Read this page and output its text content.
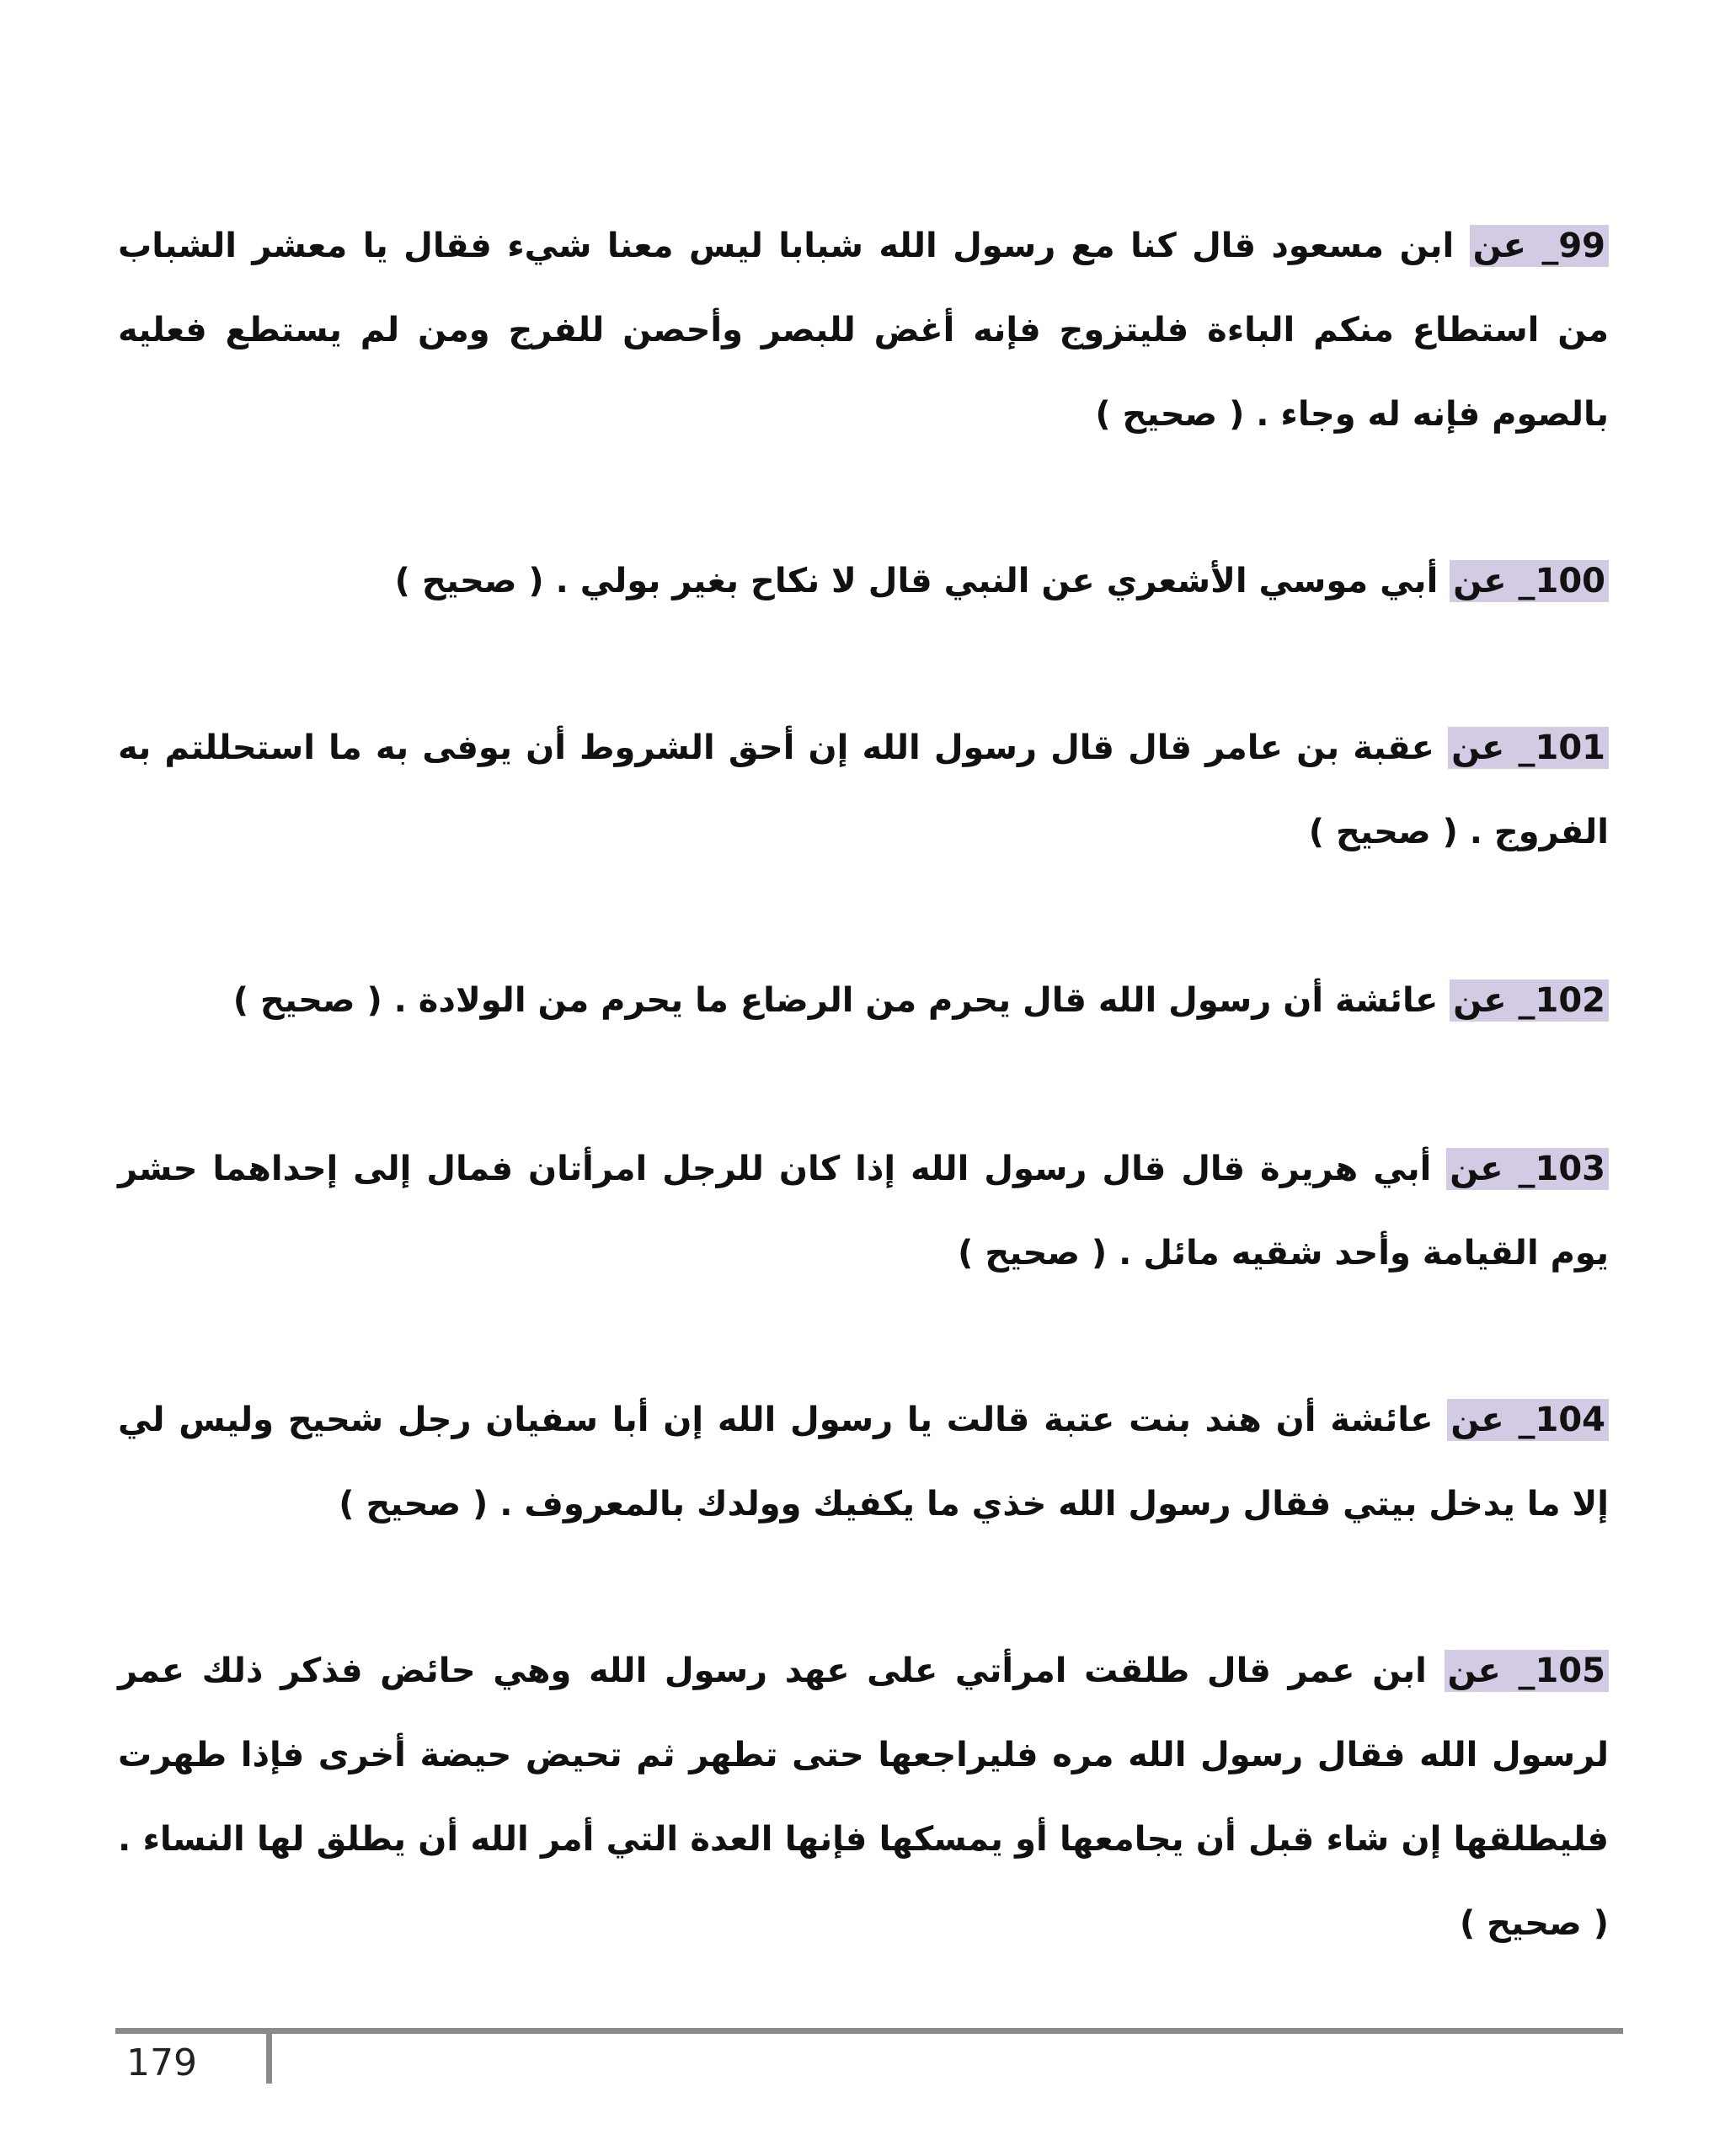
99_ عن ابن مسعود قال كنا مع رسول الله شبابا ليس معنا شيء فقال يا معشر الشباب من استطاع منكم الباءة فليتزوج فإنه أغض للبصر وأحصن للفرج ومن لم يستطع فعليه بالصوم فإنه له وجاء . ( صحيح )

100_ عن أبي موسي الأشعري عن النبي قال لا نكاح بغير بولي . ( صحيح )

101_ عن عقبة بن عامر قال قال رسول الله إن أحق الشروط أن يوفى به ما استحللتم به الفروج . ( صحيح )

102_ عن عائشة أن رسول الله قال يحرم من الرضاع ما يحرم من الولادة . ( صحيح )

103_ عن أبي هريرة قال قال رسول الله إذا كان للرجل امرأتان فمال إلى إحداهما حشر يوم القيامة وأحد شقيه مائل . ( صحيح )

104_ عن عائشة أن هند بنت عتبة قالت يا رسول الله إن أبا سفيان رجل شحيح وليس لي إلا ما يدخل بيتي فقال رسول الله خذي ما يكفيك وولدك بالمعروف . ( صحيح )

105_ عن ابن عمر قال طلقت امرأتي على عهد رسول الله وهي حائض فذكر ذلك عمر لرسول الله فقال رسول الله مره فليراجعها حتى تطهر ثم تحيض حيضة أخرى فإذا طهرت فليطلقها إن شاء قبل أن يجامعها أو يمسكها فإنها العدة التي أمر الله أن يطلق لها النساء . ( صحيح )

179
